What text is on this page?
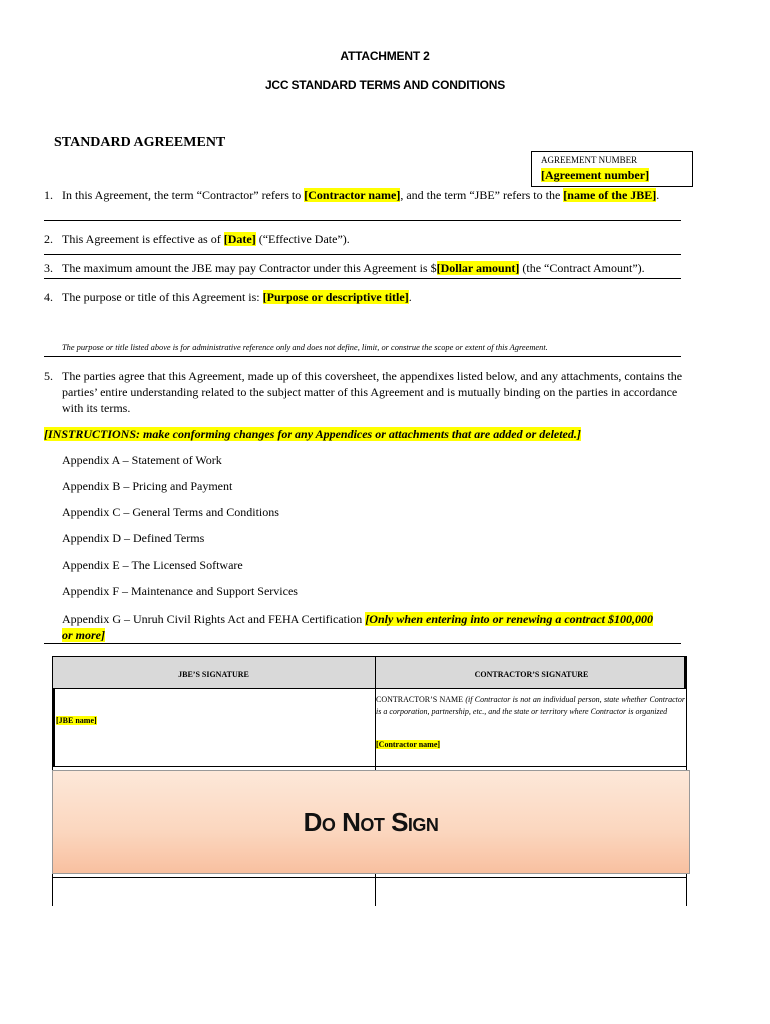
ATTACHMENT 2
JCC STANDARD TERMS AND CONDITIONS
STANDARD AGREEMENT
AGREEMENT NUMBER
[Agreement number]
1. In this Agreement, the term “Contractor” refers to [Contractor name], and the term “JBE” refers to the [name of the JBE].
2. This Agreement is effective as of [Date] (“Effective Date”).
3. The maximum amount the JBE may pay Contractor under this Agreement is $[Dollar amount] (the “Contract Amount”).
4. The purpose or title of this Agreement is: [Purpose or descriptive title].
The purpose or title listed above is for administrative reference only and does not define, limit, or construe the scope or extent of this Agreement.
5. The parties agree that this Agreement, made up of this coversheet, the appendixes listed below, and any attachments, contains the parties’ entire understanding related to the subject matter of this Agreement and is mutually binding on the parties in accordance with its terms.
[INSTRUCTIONS: make conforming changes for any Appendices or attachments that are added or deleted.]
Appendix A – Statement of Work
Appendix B – Pricing and Payment
Appendix C – General Terms and Conditions
Appendix D – Defined Terms
Appendix E – The Licensed Software
Appendix F – Maintenance and Support Services
Appendix G – Unruh Civil Rights Act and FEHA Certification [Only when entering into or renewing a contract $100,000 or more]
JBE’S SIGNATURE	CONTRACTOR’S SIGNATURE
[JBE name]
CONTRACTOR’S NAME (if Contractor is not an individual person, state whether Contractor is a corporation, partnership, etc., and the state or territory where Contractor is organized
[Contractor name]
Do Not Sign
